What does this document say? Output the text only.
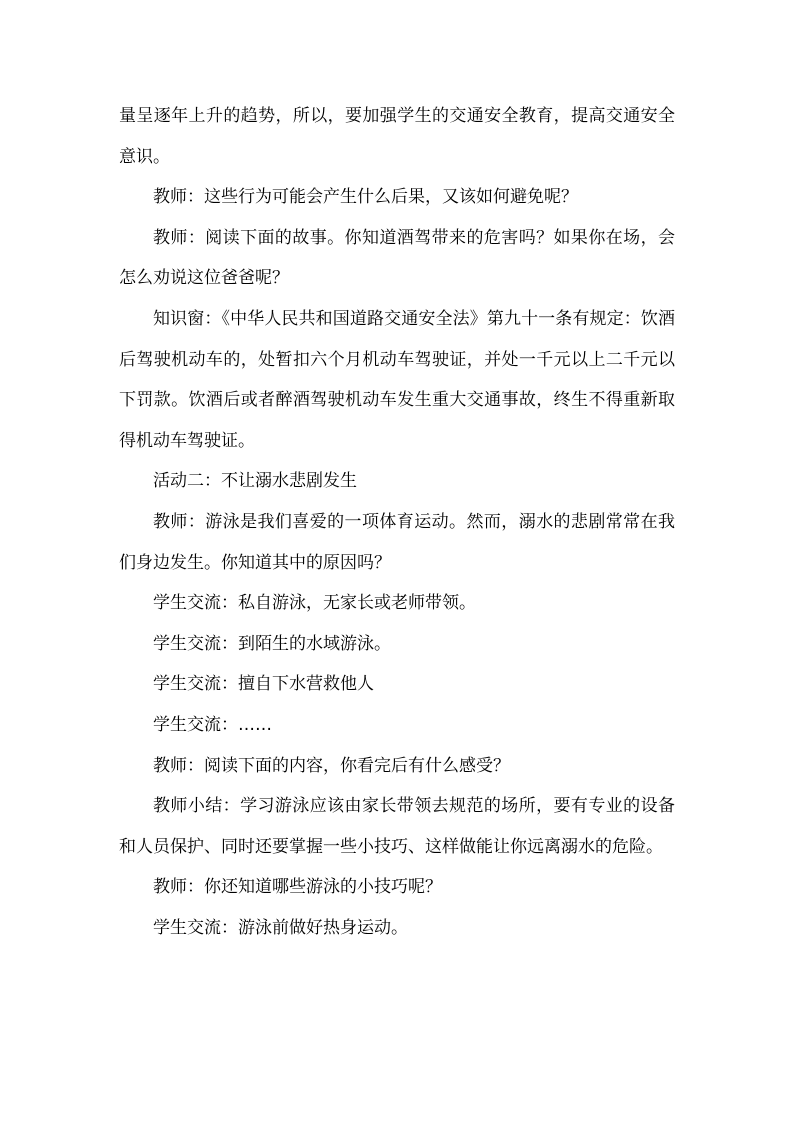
量呈逐年上升的趋势，所以，要加强学生的交通安全教育，提高交通安全意识。

教师：这些行为可能会产生什么后果，又该如何避免呢？

教师：阅读下面的故事。你知道酒驾带来的危害吗？如果你在场，会怎么劝说这位爸爸呢？

知识窗：《中华人民共和国道路交通安全法》第九十一条有规定：饮酒后驾驶机动车的，处暂扣六个月机动车驾驶证，并处一千元以上二千元以下罚款。饮酒后或者醉酒驾驶机动车发生重大交通事故，终生不得重新取得机动车驾驶证。

活动二：不让溺水悲剧发生

教师：游泳是我们喜爱的一项体育运动。然而，溺水的悲剧常常在我们身边发生。你知道其中的原因吗？

学生交流：私自游泳，无家长或老师带领。

学生交流：到陌生的水域游泳。

学生交流：擅自下水营救他人

学生交流：……

教师：阅读下面的内容，你看完后有什么感受？

教师小结：学习游泳应该由家长带领去规范的场所，要有专业的设备和人员保护、同时还要掌握一些小技巧、这样做能让你远离溺水的危险。

教师：你还知道哪些游泳的小技巧呢？

学生交流：游泳前做好热身运动。
